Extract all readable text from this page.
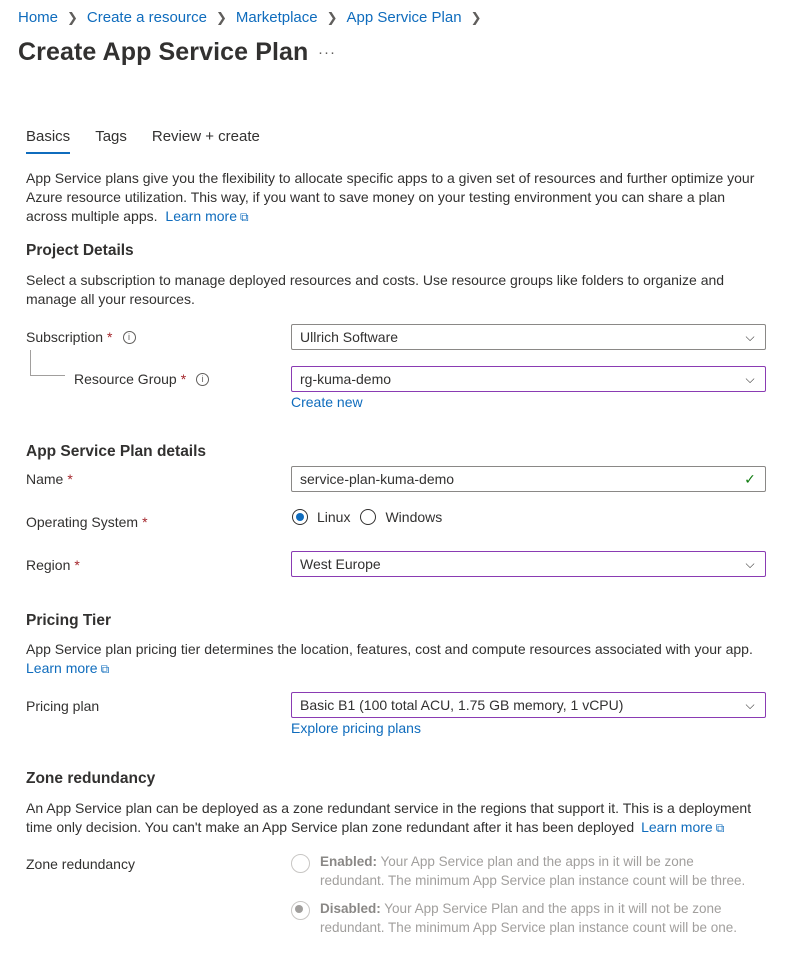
Home ❯ Create a resource ❯ Marketplace ❯ App Service Plan ❯
Create App Service Plan ···
Basics Tags Review + create
App Service plans give you the flexibility to allocate specific apps to a given set of resources and further optimize your Azure resource utilization. This way, if you want to save money on your testing environment you can share a plan across multiple apps. Learn more ⧉
Project Details
Select a subscription to manage deployed resources and costs. Use resource groups like folders to organize and manage all your resources.
Subscription *	i	Ullrich Software	⌵
Resource Group *	i	rg-kuma-demo	⌵
Create new
App Service Plan details
Name *	service-plan-kuma-demo	✓
Operating System *	Linux	Windows
Region *	West Europe	⌵
Pricing Tier
App Service plan pricing tier determines the location, features, cost and compute resources associated with your app.
Learn more ⧉
Pricing plan	Basic B1 (100 total ACU, 1.75 GB memory, 1 vCPU)	⌵
Explore pricing plans
Zone redundancy
An App Service plan can be deployed as a zone redundant service in the regions that support it. This is a deployment time only decision. You can't make an App Service plan zone redundant after it has been deployed Learn more ⧉
Zone redundancy	Enabled: Your App Service plan and the apps in it will be zone redundant. The minimum App Service plan instance count will be three.
Disabled: Your App Service Plan and the apps in it will not be zone redundant. The minimum App Service plan instance count will be one.
